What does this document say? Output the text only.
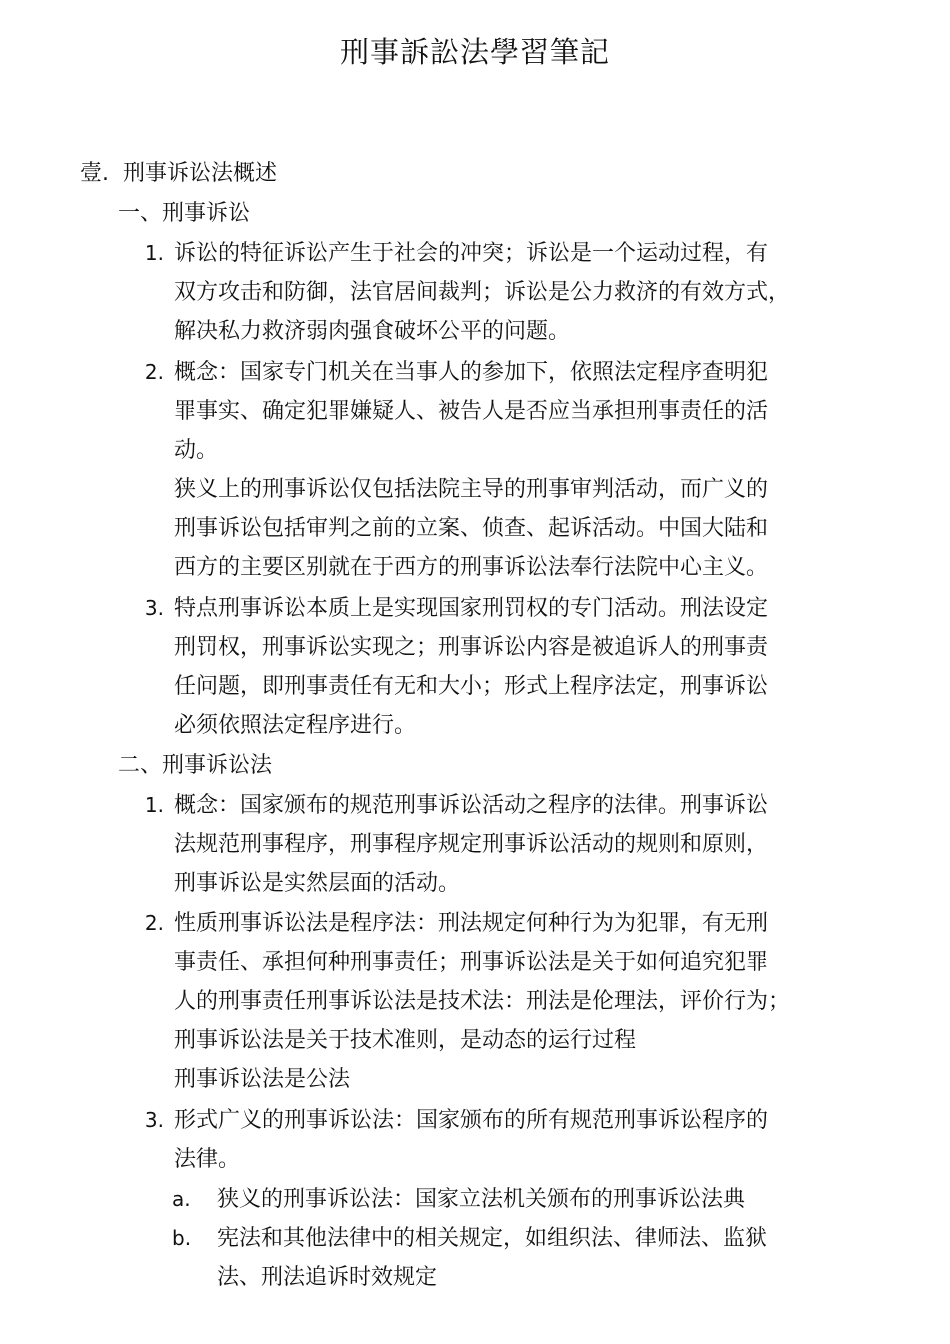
刑事訴訟法學習筆記
壹. 刑事诉讼法概述
一、刑事诉讼
1. 诉讼的特征诉讼产生于社会的冲突；诉讼是一个运动过程，有
双方攻击和防御，法官居间裁判；诉讼是公力救济的有效方式，
解决私力救济弱肉强食破坏公平的问题。
2. 概念：国家专门机关在当事人的参加下，依照法定程序查明犯
罪事实、确定犯罪嫌疑人、被告人是否应当承担刑事责任的活
动。
狭义上的刑事诉讼仅包括法院主导的刑事审判活动，而广义的
刑事诉讼包括审判之前的立案、侦查、起诉活动。中国大陆和
西方的主要区别就在于西方的刑事诉讼法奉行法院中心主义。
3. 特点刑事诉讼本质上是实现国家刑罚权的专门活动。刑法设定
刑罚权，刑事诉讼实现之；刑事诉讼内容是被追诉人的刑事责
任问题，即刑事责任有无和大小；形式上程序法定，刑事诉讼
必须依照法定程序进行。
二、刑事诉讼法
1. 概念：国家颁布的规范刑事诉讼活动之程序的法律。刑事诉讼
法规范刑事程序，刑事程序规定刑事诉讼活动的规则和原则，
刑事诉讼是实然层面的活动。
2. 性质刑事诉讼法是程序法：刑法规定何种行为为犯罪，有无刑
事责任、承担何种刑事责任；刑事诉讼法是关于如何追究犯罪
人的刑事责任刑事诉讼法是技术法：刑法是伦理法，评价行为；
刑事诉讼法是关于技术准则，是动态的运行过程
刑事诉讼法是公法
3. 形式广义的刑事诉讼法：国家颁布的所有规范刑事诉讼程序的
法律。
a. 狭义的刑事诉讼法：国家立法机关颁布的刑事诉讼法典
b. 宪法和其他法律中的相关规定，如组织法、律师法、监狱
法、刑法追诉时效规定
